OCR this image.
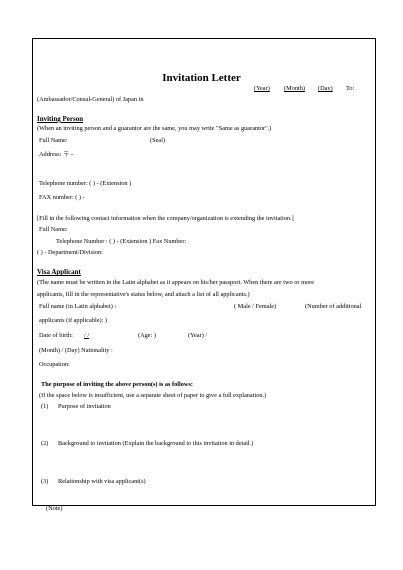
Invitation Letter
(Year) (Month) (Day) To:
(Ambassador/Consul-General) of Japan in
Inviting Person
(When an inviting person and a guarantor are the same, you may write "Same as guarantor".)
Full Name:	(Seal)
Address: 〒 -
Telephone number: ( ) - (Extension )
FAX number: ( ) -
[Fill in the following contact information when the company/organization is extending the invitation.]
Full Name:
Telephone Number : ( ) - (Extension ) Fax Number:
( ) - Department/Division:
Visa Applicant
(The name must be written in the Latin alphabet as it appears on his/her passport. When there are two or more
applicants, fill in the representative's status below, and attach a list of all applicants.)
Full name (in Latin alphabet) :	( Male / Female)	(Number of additional
applicants (if applicable): )
Date of birth: / /	(Age: )	(Year) /
(Month) / (Day) Nationality :
Occupation:
The purpose of inviting the above person(s) is as follows:
(If the space below is insufficient, use a separate sheet of paper to give a full explanation.)
(1) Purpose of invitation
(2) Background to invitation (Explain the background to this invitation in detail.)
(3) Relationship with visa applicant(s)
(Note)
